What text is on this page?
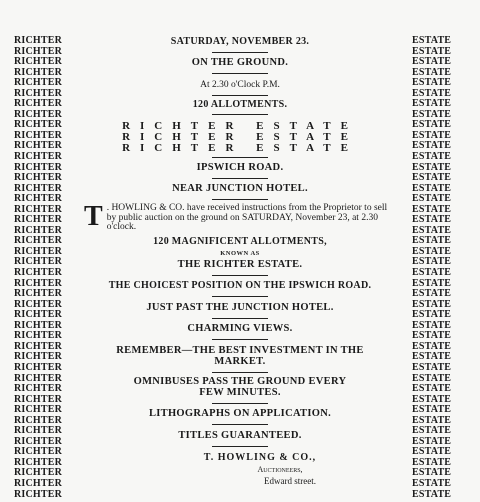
RICHTER
RICHTER
RICHTER
RICHTER
RICHTER
RICHTER
RICHTER
RICHTER
RICHTER
RICHTER
RICHTER
RICHTER
RICHTER
RICHTER
RICHTER
RICHTER
RICHTER
RICHTER
RICHTER
RICHTER
RICHTER
RICHTER
RICHTER
RICHTER
RICHTER
RICHTER
RICHTER
RICHTER
RICHTER
RICHTER
RICHTER
RICHTER
RICHTER
RICHTER
RICHTER
RICHTER
RICHTER
RICHTER
RICHTER
RICHTER
RICHTER
RICHTER
RICHTER
RICHTER
ESTATE
ESTATE
ESTATE
ESTATE
ESTATE
ESTATE
ESTATE
ESTATE
ESTATE
ESTATE
ESTATE
ESTATE
ESTATE
ESTATE
ESTATE
ESTATE
ESTATE
ESTATE
ESTATE
ESTATE
ESTATE
ESTATE
ESTATE
ESTATE
ESTATE
ESTATE
ESTATE
ESTATE
ESTATE
ESTATE
ESTATE
ESTATE
ESTATE
ESTATE
ESTATE
ESTATE
ESTATE
ESTATE
ESTATE
ESTATE
ESTATE
ESTATE
ESTATE
ESTATE
SATURDAY, NOVEMBER 23.
ON THE GROUND.
At 2.30 o'Clock P.M.
120 ALLOTMENTS.
RICHTER ESTATE
RICHTER ESTATE
RICHTER ESTATE
IPSWICH ROAD.
NEAR JUNCTION HOTEL.
T . HOWLING & CO. have received instructions from the Proprietor to sell by public auction on the ground on SATURDAY, November 23, at 2.30 o'clock.
120 MAGNIFICENT ALLOTMENTS,
KNOWN AS
THE RICHTER ESTATE.
THE CHOICEST POSITION ON THE IPSWICH ROAD.
JUST PAST THE JUNCTION HOTEL.
CHARMING VIEWS.
REMEMBER—THE BEST INVESTMENT IN THE
MARKET.
OMNIBUSES PASS THE GROUND EVERY
FEW MINUTES.
LITHOGRAPHS ON APPLICATION.
TITLES GUARANTEED.
T. HOWLING & CO.,
Auctioneers,
Edward street.
